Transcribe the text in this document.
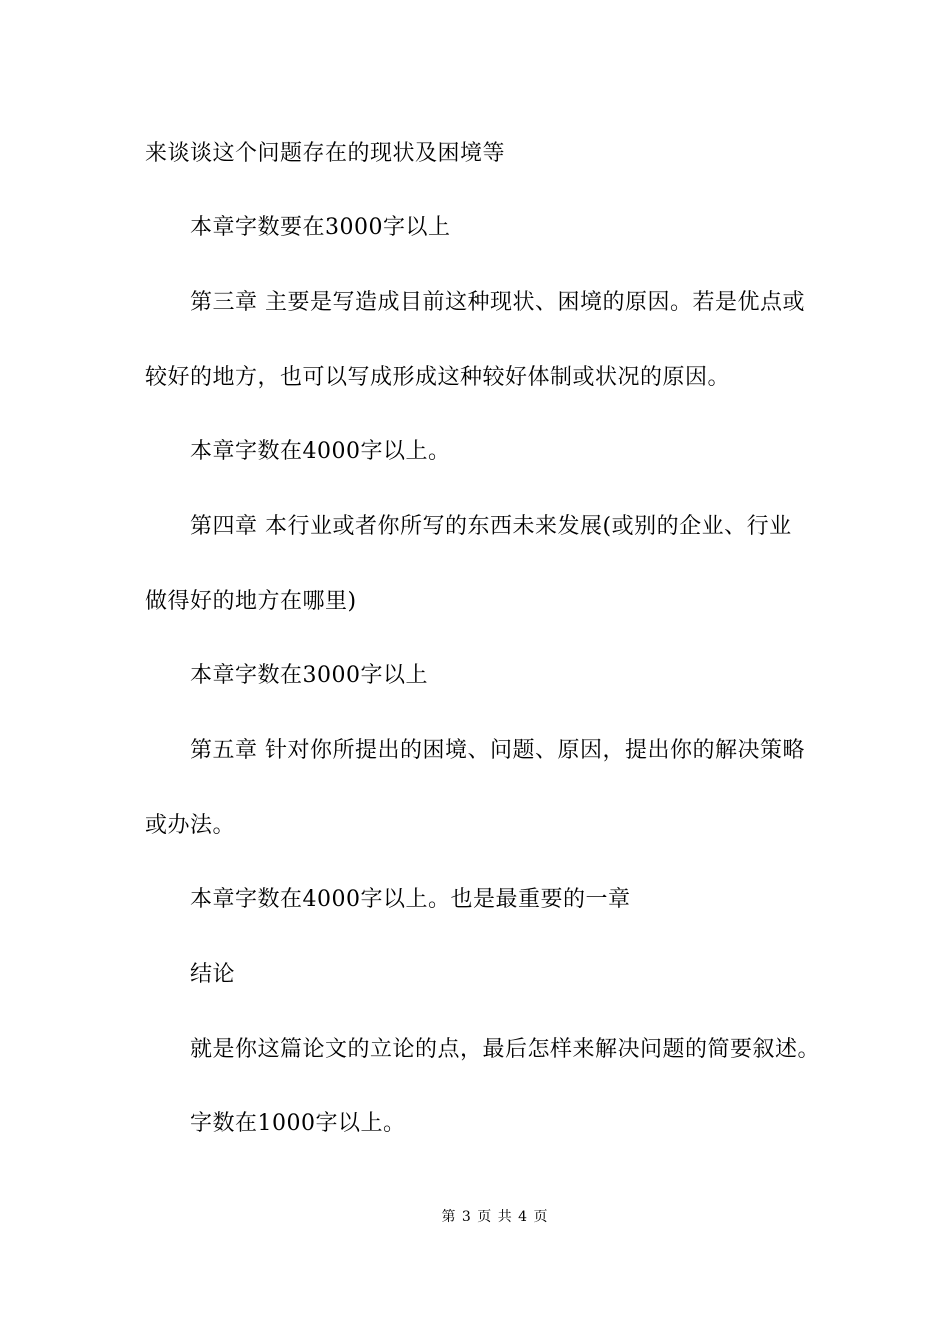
来谈谈这个问题存在的现状及困境等
本章字数要在3000字以上
第三章 主要是写造成目前这种现状、困境的原因。若是优点或
较好的地方，也可以写成形成这种较好体制或状况的原因。
本章字数在4000字以上。
第四章 本行业或者你所写的东西未来发展(或别的企业、行业
做得好的地方在哪里)
本章字数在3000字以上
第五章 针对你所提出的困境、问题、原因，提出你的解决策略
或办法。
本章字数在4000字以上。也是最重要的一章
结论
就是你这篇论文的立论的点，最后怎样来解决问题的简要叙述。
字数在1000字以上。
第 3 页 共 4 页
